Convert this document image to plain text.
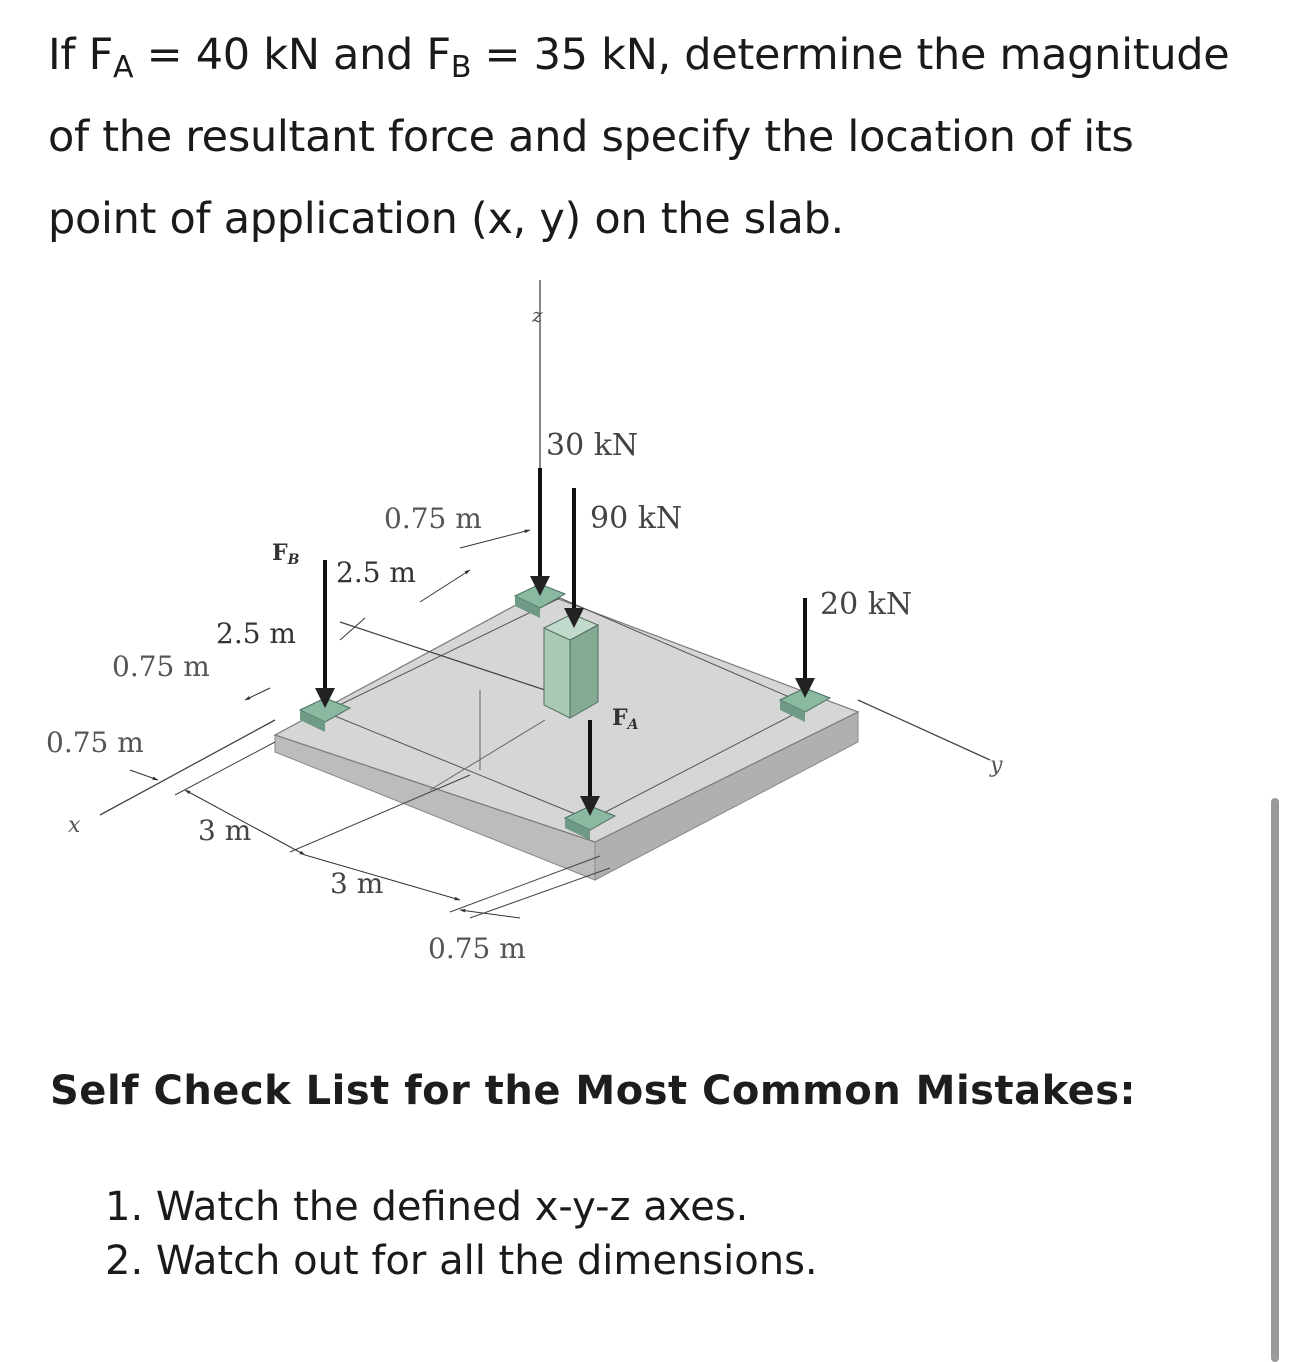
If $F_A = 40$ kN and $F_B = 35$ kN, determine the magnitude of the resultant force and specify the location of its point of application (x, y) on the slab.
z
x
y
30 kN
90 kN
20 kN
FB
FA
0.75 m
2.5 m
2.5 m
0.75 m
0.75 m
3 m
3 m
0.75 m
Self Check List for the Most Common Mistakes:
1. Watch the defined x-y-z axes.
2. Watch out for all the dimensions.
